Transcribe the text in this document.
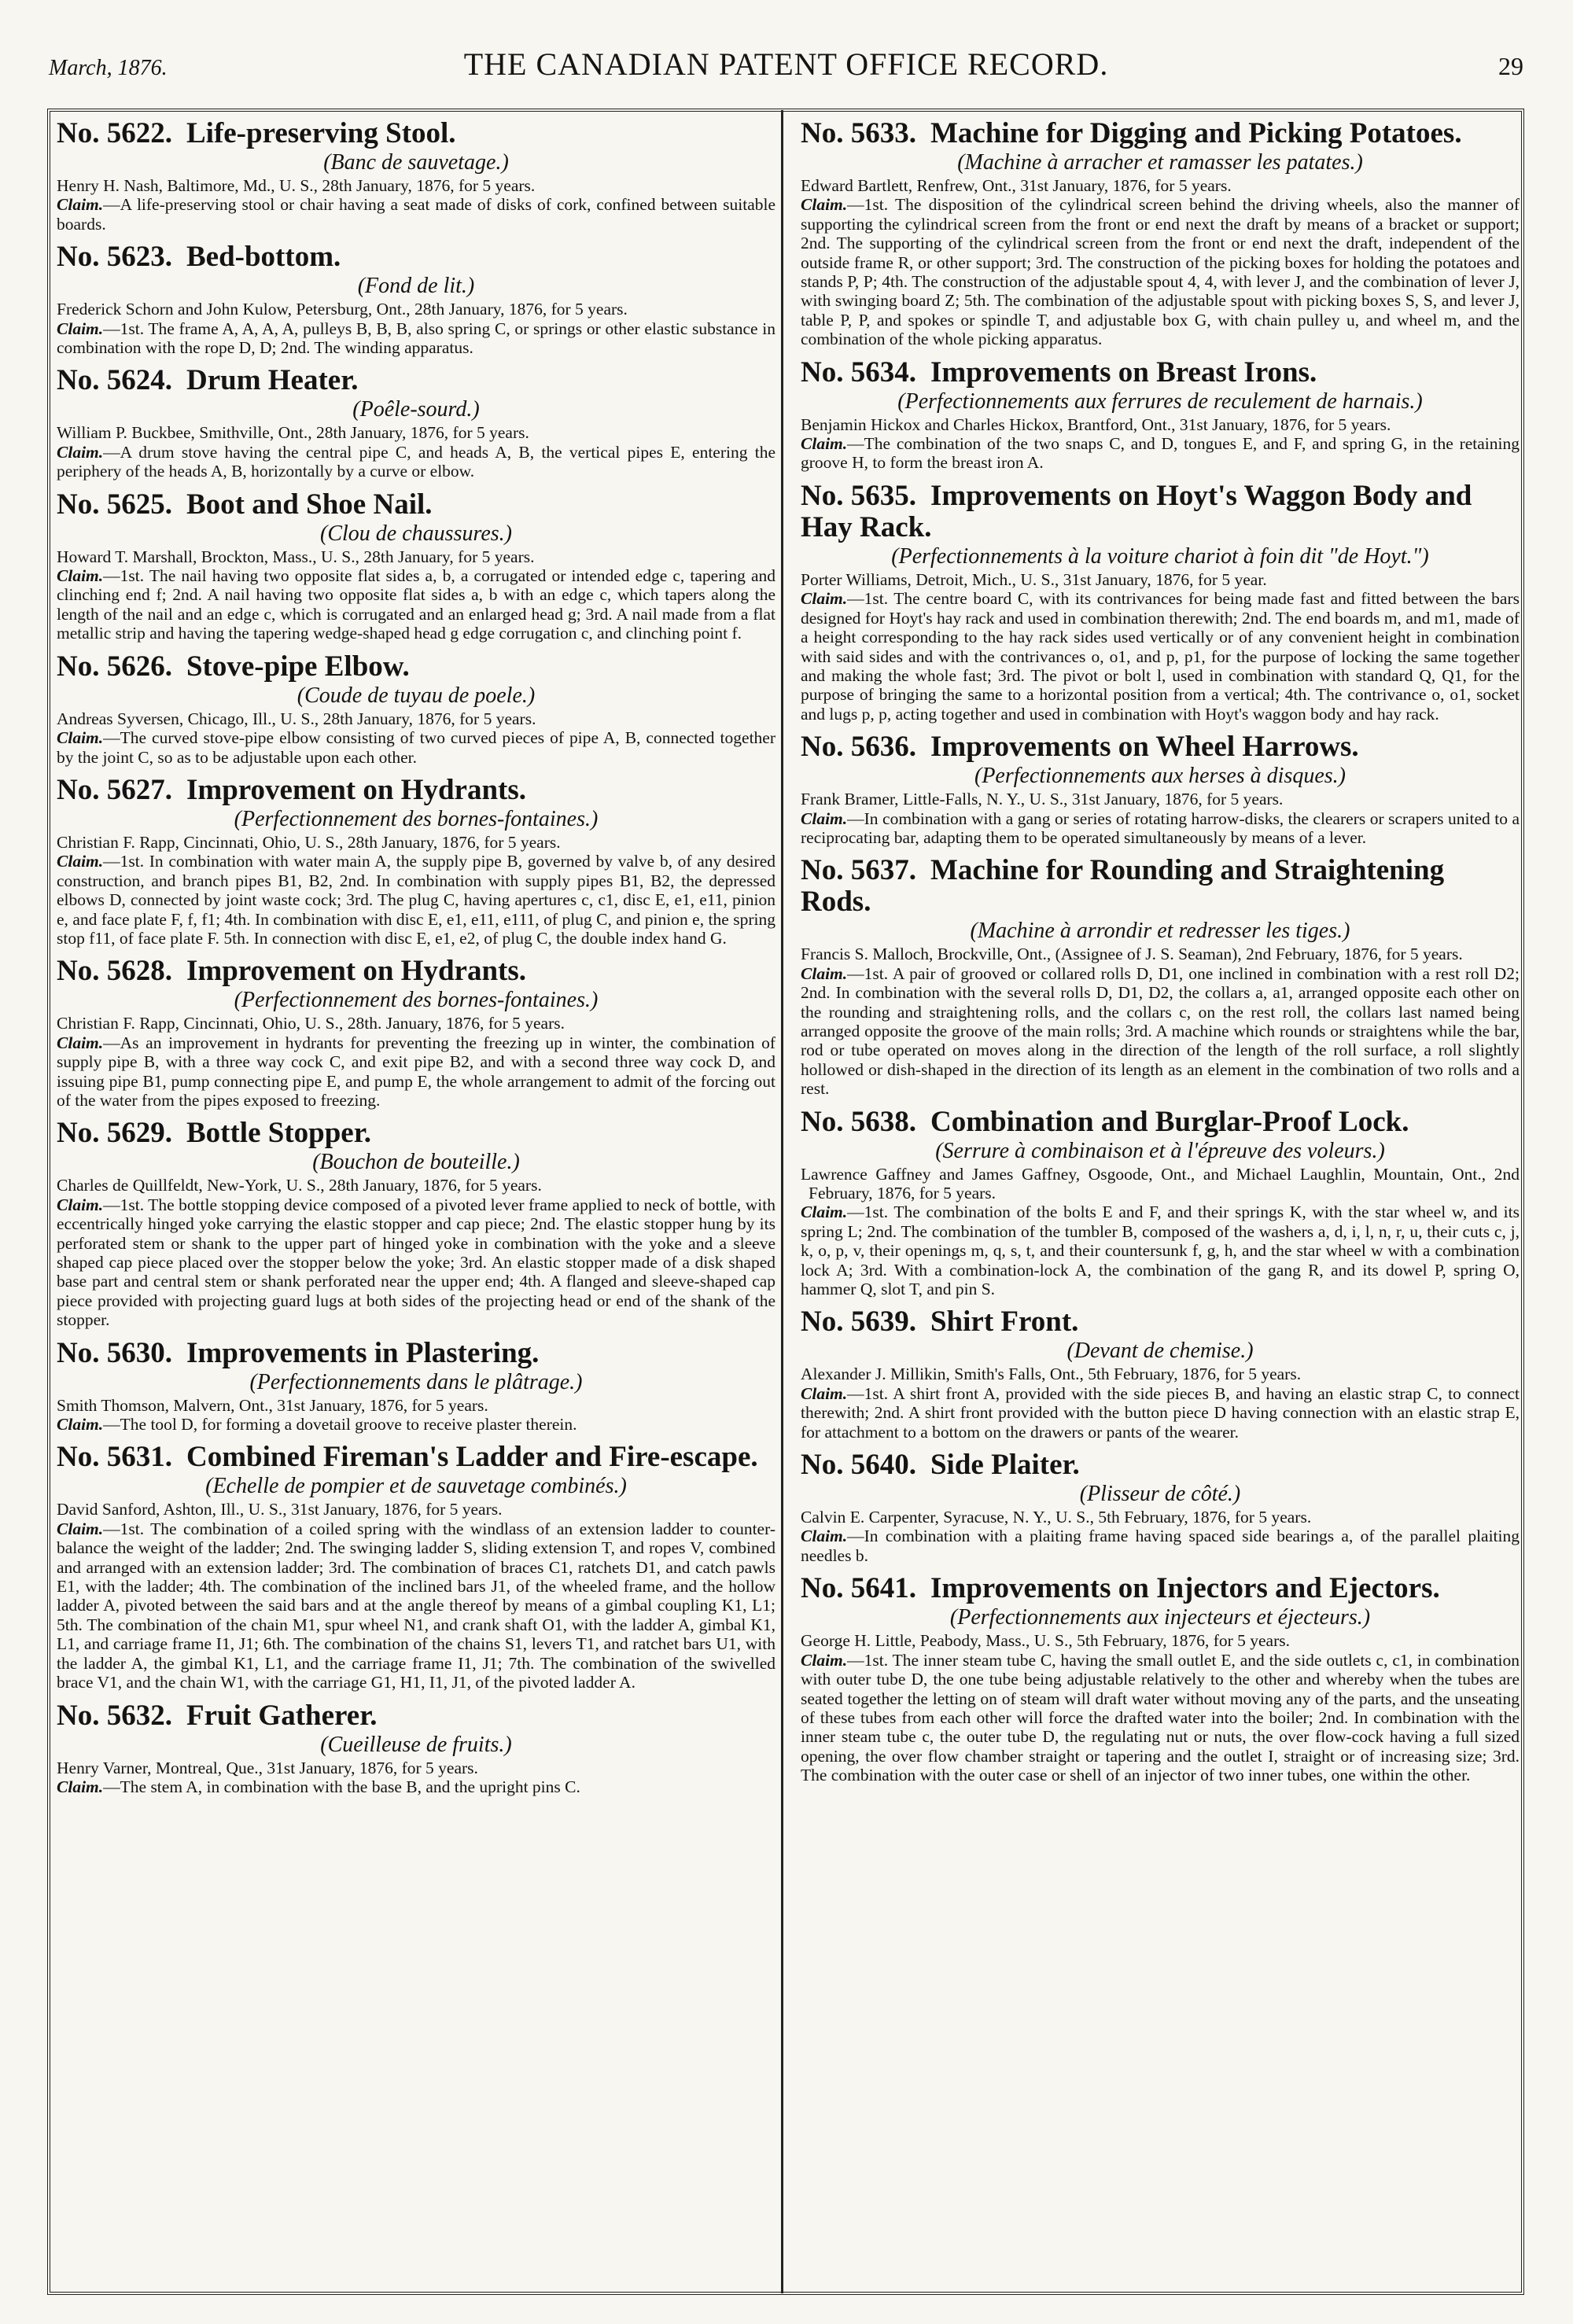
March, 1876.	THE CANADIAN PATENT OFFICE RECORD.	29
No. 5622. Life-preserving Stool.
(Banc de sauvetage.)

Henry H. Nash, Baltimore, Md., U. S., 28th January, 1876, for 5 years.

Claim.—A life-preserving stool or chair having a seat made of disks of cork, confined between suitable boards.

No. 5623. Bed-bottom.
(Fond de lit.)

Frederick Schorn and John Kulow, Petersburg, Ont., 28th January, 1876, for 5 years.

Claim.—1st. The frame A, A, A, A, pulleys B, B, B, also spring C, or springs or other elastic substance in combination with the rope D, D; 2nd. The winding apparatus.

No. 5624. Drum Heater.
(Poêle-sourd.)

William P. Buckbee, Smithville, Ont., 28th January, 1876, for 5 years.

Claim.—A drum stove having the central pipe C, and heads A, B, the vertical pipes E, entering the periphery of the heads A, B, horizontally by a curve or elbow.

No. 5625. Boot and Shoe Nail.
(Clou de chaussures.)

Howard T. Marshall, Brockton, Mass., U. S., 28th January, for 5 years.

Claim.—1st. The nail having two opposite flat sides a, b, a corrugated or intended edge c, tapering and clinching end f; 2nd. A nail having two opposite flat sides a, b with an edge c, which tapers along the length of the nail and an edge c, which is corrugated and an enlarged head g; 3rd. A nail made from a flat metallic strip and having the tapering wedge-shaped head g edge corrugation c, and clinching point f.

No. 5626. Stove-pipe Elbow.
(Coude de tuyau de poele.)

Andreas Syversen, Chicago, Ill., U. S., 28th January, 1876, for 5 years.

Claim.—The curved stove-pipe elbow consisting of two curved pieces of pipe A, B, connected together by the joint C, so as to be adjustable upon each other.

No. 5627. Improvement on Hydrants.
(Perfectionnement des bornes-fontaines.)

Christian F. Rapp, Cincinnati, Ohio, U. S., 28th January, 1876, for 5 years.

Claim.—1st. In combination with water main A, the supply pipe B, governed by valve b, of any desired construction, and branch pipes B1, B2, 2nd. In combination with supply pipes B1, B2, the depressed elbows D, connected by joint waste cock; 3rd. The plug C, having apertures c, c1, disc E, e1, e11, pinion e, and face plate F, f, f1; 4th. In combination with disc E, e1, e11, e111, of plug C, and pinion e, the spring stop f11, of face plate F. 5th. In connection with disc E, e1, e2, of plug C, the double index hand G.

No. 5628. Improvement on Hydrants.
(Perfectionnement des bornes-fontaines.)

Christian F. Rapp, Cincinnati, Ohio, U. S., 28th. January, 1876, for 5 years.

Claim.—As an improvement in hydrants for preventing the freezing up in winter, the combination of supply pipe B, with a three way cock C, and exit pipe B2, and with a second three way cock D, and issuing pipe B1, pump connecting pipe E, and pump E, the whole arrangement to admit of the forcing out of the water from the pipes exposed to freezing.

No. 5629. Bottle Stopper.
(Bouchon de bouteille.)

Charles de Quillfeldt, New-York, U. S., 28th January, 1876, for 5 years.

Claim.—1st. The bottle stopping device composed of a pivoted lever frame applied to neck of bottle, with eccentrically hinged yoke carrying the elastic stopper and cap piece; 2nd. The elastic stopper hung by its perforated stem or shank to the upper part of hinged yoke in combination with the yoke and a sleeve shaped cap piece placed over the stopper below the yoke; 3rd. An elastic stopper made of a disk shaped base part and central stem or shank perforated near the upper end; 4th. A flanged and sleeve-shaped cap piece provided with projecting guard lugs at both sides of the projecting head or end of the shank of the stopper.

No. 5630. Improvements in Plastering.
(Perfectionnements dans le plâtrage.)

Smith Thomson, Malvern, Ont., 31st January, 1876, for 5 years.

Claim.—The tool D, for forming a dovetail groove to receive plaster therein.

No. 5631. Combined Fireman's Ladder and Fire-escape.
(Echelle de pompier et de sauvetage combinés.)

David Sanford, Ashton, Ill., U. S., 31st January, 1876, for 5 years.

Claim.—1st. The combination of a coiled spring with the windlass of an extension ladder to counter-balance the weight of the ladder; 2nd. The swinging ladder S, sliding extension T, and ropes V, combined and arranged with an extension ladder; 3rd. The combination of braces C1, ratchets D1, and catch pawls E1, with the ladder; 4th. The combination of the inclined bars J1, of the wheeled frame, and the hollow ladder A, pivoted between the said bars and at the angle thereof by means of a gimbal coupling K1, L1; 5th. The combination of the chain M1, spur wheel N1, and crank shaft O1, with the ladder A, gimbal K1, L1, and carriage frame I1, J1; 6th. The combination of the chains S1, levers T1, and ratchet bars U1, with the ladder A, the gimbal K1, L1, and the carriage frame I1, J1; 7th. The combination of the swivelled brace V1, and the chain W1, with the carriage G1, H1, I1, J1, of the pivoted ladder A.

No. 5632. Fruit Gatherer.
(Cueilleuse de fruits.)

Henry Varner, Montreal, Que., 31st January, 1876, for 5 years.

Claim.—The stem A, in combination with the base B, and the upright pins C.

No. 5633. Machine for Digging and Picking Potatoes.
(Machine à arracher et ramasser les patates.)

Edward Bartlett, Renfrew, Ont., 31st January, 1876, for 5 years.

Claim.—1st. The disposition of the cylindrical screen behind the driving wheels, also the manner of supporting the cylindrical screen from the front or end next the draft by means of a bracket or support; 2nd. The supporting of the cylindrical screen from the front or end next the draft, independent of the outside frame R, or other support; 3rd. The construction of the picking boxes for holding the potatoes and stands P, P; 4th. The construction of the adjustable spout 4, 4, with lever J, and the combination of lever J, with swinging board Z; 5th. The combination of the adjustable spout with picking boxes S, S, and lever J, table P, P, and spokes or spindle T, and adjustable box G, with chain pulley u, and wheel m, and the combination of the whole picking apparatus.

No. 5634. Improvements on Breast Irons.
(Perfectionnements aux ferrures de reculement de harnais.)

Benjamin Hickox and Charles Hickox, Brantford, Ont., 31st January, 1876, for 5 years.

Claim.—The combination of the two snaps C, and D, tongues E, and F, and spring G, in the retaining groove H, to form the breast iron A.

No. 5635. Improvements on Hoyt's Waggon Body and Hay Rack.
(Perfectionnements à la voiture chariot à foin dit "de Hoyt.")

Porter Williams, Detroit, Mich., U. S., 31st January, 1876, for 5 year.

Claim.—1st. The centre board C, with its contrivances for being made fast and fitted between the bars designed for Hoyt's hay rack and used in combination therewith; 2nd. The end boards m, and m1, made of a height corresponding to the hay rack sides used vertically or of any convenient height in combination with said sides and with the contrivances o, o1, and p, p1, for the purpose of locking the same together and making the whole fast; 3rd. The pivot or bolt l, used in combination with standard Q, Q1, for the purpose of bringing the same to a horizontal position from a vertical; 4th. The contrivance o, o1, socket and lugs p, p, acting together and used in combination with Hoyt's waggon body and hay rack.

No. 5636. Improvements on Wheel Harrows.
(Perfectionnements aux herses à disques.)

Frank Bramer, Little-Falls, N. Y., U. S., 31st January, 1876, for 5 years.

Claim.—In combination with a gang or series of rotating harrow-disks, the clearers or scrapers united to a reciprocating bar, adapting them to be operated simultaneously by means of a lever.

No. 5637. Machine for Rounding and Straightening Rods.
(Machine à arrondir et redresser les tiges.)

Francis S. Malloch, Brockville, Ont., (Assignee of J. S. Seaman), 2nd February, 1876, for 5 years.

Claim.—1st. A pair of grooved or collared rolls D, D1, one inclined in combination with a rest roll D2; 2nd. In combination with the several rolls D, D1, D2, the collars a, a1, arranged opposite each other on the rounding and straightening rolls, and the collars c, on the rest roll, the collars last named being arranged opposite the groove of the main rolls; 3rd. A machine which rounds or straightens while the bar, rod or tube operated on moves along in the direction of the length of the roll surface, a roll slightly hollowed or dish-shaped in the direction of its length as an element in the combination of two rolls and a rest.

No. 5638. Combination and Burglar-Proof Lock.
(Serrure à combinaison et à l'épreuve des voleurs.)

Lawrence Gaffney and James Gaffney, Osgoode, Ont., and Michael Laughlin, Mountain, Ont., 2nd February, 1876, for 5 years.

Claim.—1st. The combination of the bolts E and F, and their springs K, with the star wheel w, and its spring L; 2nd. The combination of the tumbler B, composed of the washers a, d, i, l, n, r, u, their cuts c, j, k, o, p, v, their openings m, q, s, t, and their countersunk f, g, h, and the star wheel w with a combination lock A; 3rd. With a combination-lock A, the combination of the gang R, and its dowel P, spring O, hammer Q, slot T, and pin S.

No. 5639. Shirt Front.
(Devant de chemise.)

Alexander J. Millikin, Smith's Falls, Ont., 5th February, 1876, for 5 years.

Claim.—1st. A shirt front A, provided with the side pieces B, and having an elastic strap C, to connect therewith; 2nd. A shirt front provided with the button piece D having connection with an elastic strap E, for attachment to a bottom on the drawers or pants of the wearer.

No. 5640. Side Plaiter.
(Plisseur de côté.)

Calvin E. Carpenter, Syracuse, N. Y., U. S., 5th February, 1876, for 5 years.

Claim.—In combination with a plaiting frame having spaced side bearings a, of the parallel plaiting needles b.

No. 5641. Improvements on Injectors and Ejectors.
(Perfectionnements aux injecteurs et éjecteurs.)

George H. Little, Peabody, Mass., U. S., 5th February, 1876, for 5 years.

Claim.—1st. The inner steam tube C, having the small outlet E, and the side outlets c, c1, in combination with outer tube D, the one tube being adjustable relatively to the other and whereby when the tubes are seated together the letting on of steam will draft water without moving any of the parts, and the unseating of these tubes from each other will force the drafted water into the boiler; 2nd. In combination with the inner steam tube c, the outer tube D, the regulating nut or nuts, the over flow-cock having a full sized opening, the over flow chamber straight or tapering and the outlet I, straight or of increasing size; 3rd. The combination with the outer case or shell of an injector of two inner tubes, one within the other.
